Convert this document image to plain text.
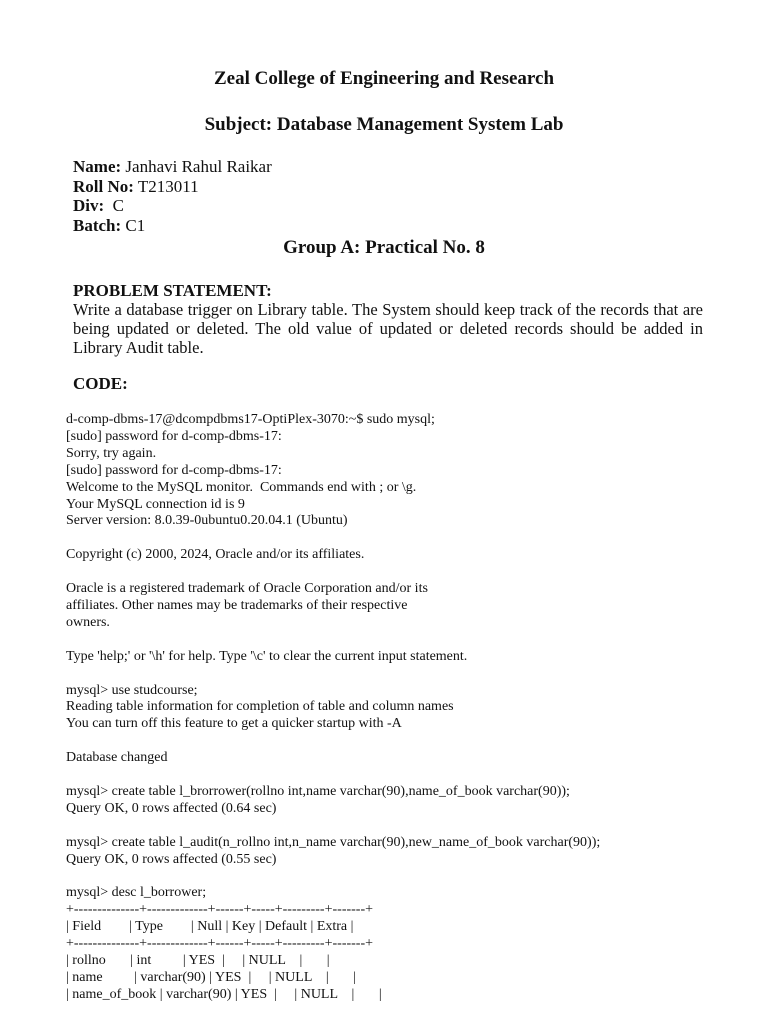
Zeal College of Engineering and Research
Subject: Database Management System Lab
Name: Janhavi Rahul Raikar
Roll No: T213011
Div:  C
Batch: C1
Group A: Practical No. 8
PROBLEM STATEMENT:

Write a database trigger on Library table. The System should keep track of the records that are being updated or deleted. The old value of updated or deleted records should be added in Library Audit table.

CODE:
d-comp-dbms-17@dcompdbms17-OptiPlex-3070:~$ sudo mysql;
[sudo] password for d-comp-dbms-17:
Sorry, try again.
[sudo] password for d-comp-dbms-17:
Welcome to the MySQL monitor.  Commands end with ; or \g.
Your MySQL connection id is 9
Server version: 8.0.39-0ubuntu0.20.04.1 (Ubuntu)

Copyright (c) 2000, 2024, Oracle and/or its affiliates.

Oracle is a registered trademark of Oracle Corporation and/or its
affiliates. Other names may be trademarks of their respective
owners.

Type 'help;' or '\h' for help. Type '\c' to clear the current input statement.

mysql> use studcourse;
Reading table information for completion of table and column names
You can turn off this feature to get a quicker startup with -A

Database changed

mysql> create table l_brorrower(rollno int,name varchar(90),name_of_book varchar(90));
Query OK, 0 rows affected (0.64 sec)

mysql> create table l_audit(n_rollno int,n_name varchar(90),new_name_of_book varchar(90));
Query OK, 0 rows affected (0.55 sec)

mysql> desc l_borrower;
+--------------+-------------+------+-----+---------+-------+
| Field        | Type        | Null | Key | Default | Extra |
+--------------+-------------+------+-----+---------+-------+
| rollno       | int         | YES  |     | NULL    |       |
| name         | varchar(90) | YES  |     | NULL    |       |
| name_of_book | varchar(90) | YES  |     | NULL    |       |
